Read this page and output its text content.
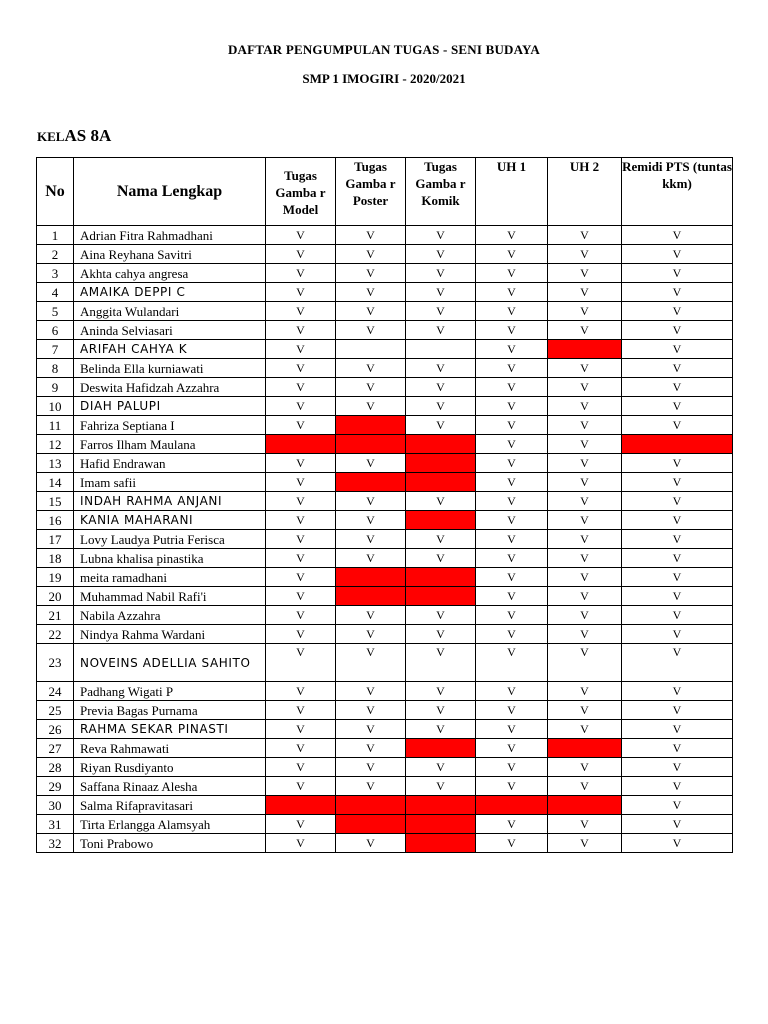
DAFTAR PENGUMPULAN TUGAS - SENI BUDAYA
SMP 1 IMOGIRI - 2020/2021
KELAS 8A
No	Nama Lengkap	Tugas Gamba r Model	Tugas Gamba r Poster	Tugas Gamba r Komik	UH 1	UH 2	Remidi PTS (tuntas kkm)
1	Adrian Fitra Rahmadhani	V	V	V	V	V	V
2	Aina Reyhana Savitri	V	V	V	V	V	V
3	Akhta cahya angresa	V	V	V	V	V	V
4	AMAIKA DEPPI C	V	V	V	V	V	V
5	Anggita Wulandari	V	V	V	V	V	V
6	Aninda Selviasari	V	V	V	V	V	V
7	ARIFAH CAHYA K	V			V		V
8	Belinda Ella kurniawati	V	V	V	V	V	V
9	Deswita Hafidzah Azzahra	V	V	V	V	V	V
10	DIAH PALUPI	V	V	V	V	V	V
11	Fahriza Septiana I	V		V	V	V	V
12	Farros Ilham Maulana				V	V	
13	Hafid Endrawan	V	V		V	V	V
14	Imam safii	V			V	V	V
15	INDAH RAHMA ANJANI	V	V	V	V	V	V
16	KANIA MAHARANI	V	V		V	V	V
17	Lovy Laudya Putria Ferisca	V	V	V	V	V	V
18	Lubna khalisa pinastika	V	V	V	V	V	V
19	meita ramadhani	V			V	V	V
20	Muhammad Nabil Rafi'i	V			V	V	V
21	Nabila Azzahra	V	V	V	V	V	V
22	Nindya Rahma Wardani	V	V	V	V	V	V
23	NOVEINS ADELLIA SAHITO	V	V	V	V	V	V
24	Padhang Wigati P	V	V	V	V	V	V
25	Previa Bagas Purnama	V	V	V	V	V	V
26	RAHMA SEKAR PINASTI	V	V	V	V	V	V
27	Reva Rahmawati	V	V		V		V
28	Riyan Rusdiyanto	V	V	V	V	V	V
29	Saffana Rinaaz Alesha	V	V	V	V	V	V
30	Salma Rifapravitasari						V
31	Tirta Erlangga Alamsyah	V			V	V	V
32	Toni Prabowo	V	V		V	V	V
